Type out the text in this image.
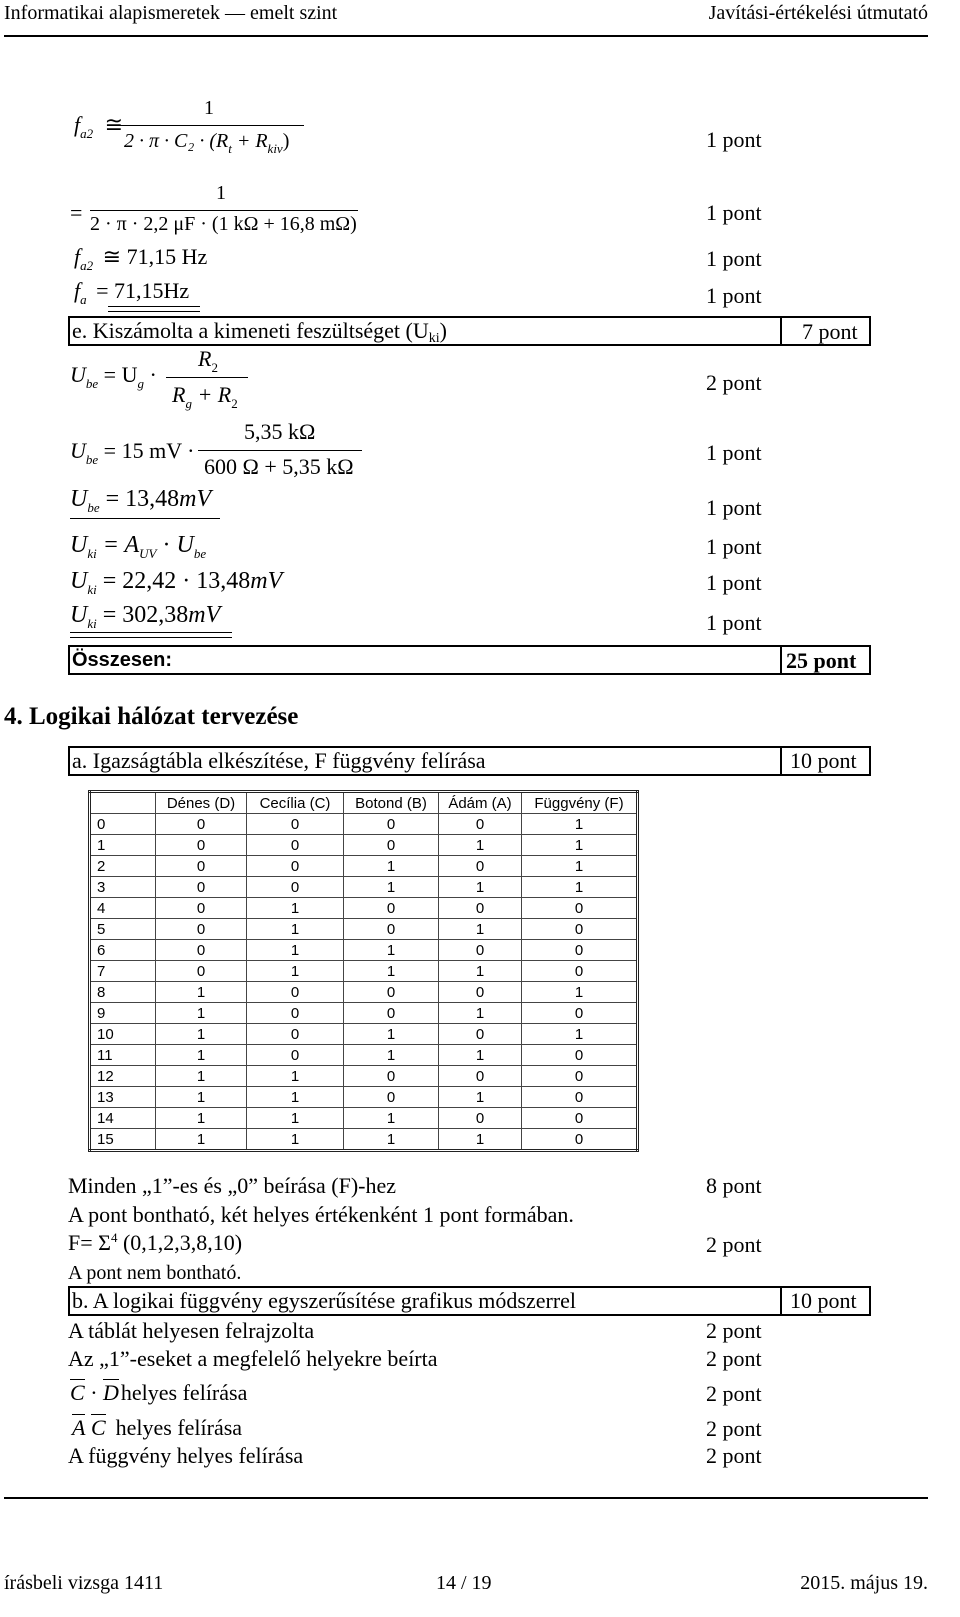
Informatikai alapismeretek — emelt szint	Javítási-értékelési útmutató
$f_{a2}$ ≅
1
$2 \cdot \pi \cdot C_2 \cdot (R_t + R_{kiv})$	1 pont
=
1
2 · π · 2,2 μF · (1 kΩ + 16,8 mΩ)	1 pont
$f_{a2}$ ≅ 71,15 Hz	1 pont
$f_a = 71,15Hz$	1 pont
e. Kiszámolta a kimeneti feszültséget (Uki)	7 pont
$U_{be} = U_g$ ·
$R_2$
$R_g + R_2$
2 pont
$U_{be} = 15$ mV ·
5,35 kΩ
600 Ω + 5,35 kΩ
1 pont
$U_{be} = 13,48mV$	1 pont
$U_{ki} = A_{UV} \cdot U_{be}$	1 pont
$U_{ki} = 22,42 \cdot 13,48mV$	1 pont
$U_{ki} = 302,38mV$	1 pont
Összesen:	25 pont
4. Logikai hálózat tervezése
a. Igazságtábla elkészítése, F függvény felírása	10 pont
	Dénes (D)	Cecília (C)	Botond (B)	Ádám (A)	Függvény (F)
0	0	0	0	0	1
1	0	0	0	1	1
2	0	0	1	0	1
3	0	0	1	1	1
4	0	1	0	0	0
5	0	1	0	1	0
6	0	1	1	0	0
7	0	1	1	1	0
8	1	0	0	0	1
9	1	0	0	1	0
10	1	0	1	0	1
11	1	0	1	1	0
12	1	1	0	0	0
13	1	1	0	1	0
14	1	1	1	0	0
15	1	1	1	1	0
Minden „1”-es és „0” beírása (F)-hez	8 pont
A pont bontható, két helyes értékenként 1 pont formában.
$F= \Sigma^4$ (0,1,2,3,8,10)	2 pont
A pont nem bontható.
b. A logikai függvény egyszerűsítése grafikus módszerrel	10 pont
A táblát helyesen felrajzolta	2 pont
Az „1”-eseket a megfelelő helyekre beírta	2 pont
C · Dhelyes felírása	2 pont
A C helyes felírása	2 pont
A függvény helyes felírása	2 pont
írásbeli vizsga 1411	14 / 19	2015. május 19.
